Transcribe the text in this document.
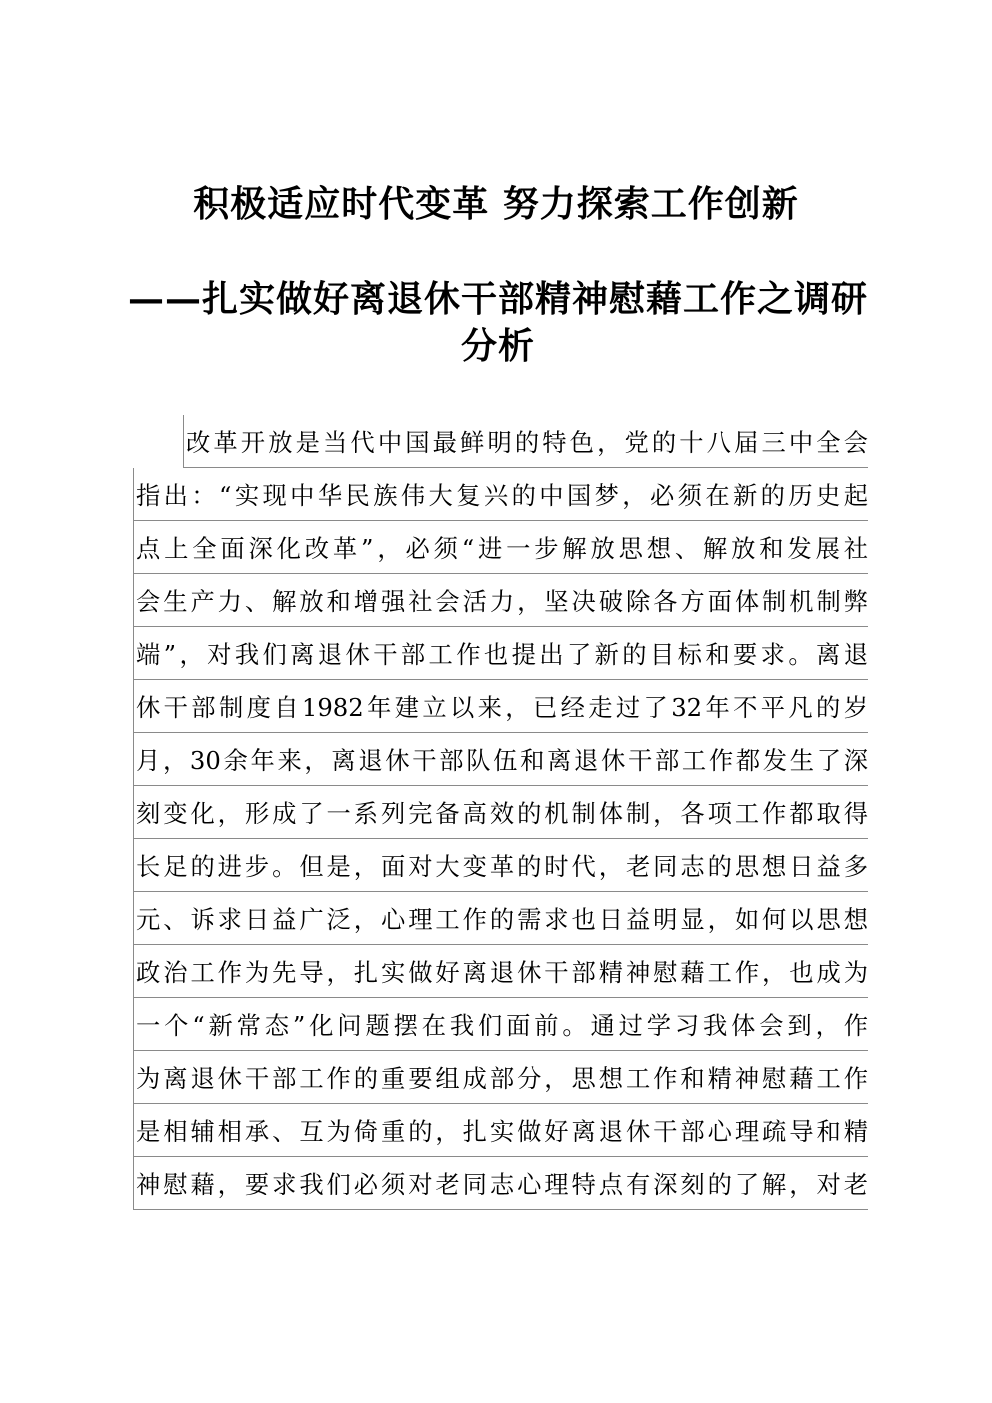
积极适应时代变革 努力探索工作创新
——扎实做好离退休干部精神慰藉工作之调研分析
改革开放是当代中国最鲜明的特色，党的十八届三中全会
指出：“实现中华民族伟大复兴的中国梦，必须在新的历史起
点上全面深化改革”，必须“进一步解放思想、解放和发展社
会生产力、解放和增强社会活力，坚决破除各方面体制机制弊
端”，对我们离退休干部工作也提出了新的目标和要求。离退
休干部制度自1982年建立以来，已经走过了32年不平凡的岁
月，30余年来，离退休干部队伍和离退休干部工作都发生了深
刻变化，形成了一系列完备高效的机制体制，各项工作都取得
长足的进步。但是，面对大变革的时代，老同志的思想日益多
元、诉求日益广泛，心理工作的需求也日益明显，如何以思想
政治工作为先导，扎实做好离退休干部精神慰藉工作，也成为
一个“新常态”化问题摆在我们面前。通过学习我体会到，作
为离退休干部工作的重要组成部分，思想工作和精神慰藉工作
是相辅相承、互为倚重的，扎实做好离退休干部心理疏导和精
神慰藉，要求我们必须对老同志心理特点有深刻的了解，对老
